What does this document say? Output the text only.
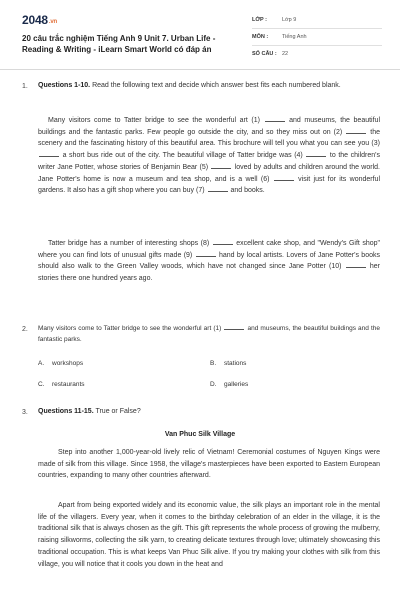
2048.vn
20 câu trắc nghiệm Tiếng Anh 9 Unit 7. Urban Life - Reading & Writing - iLearn Smart World có đáp án
LỚP :	Lớp 9
MÔN :	Tiếng Anh
SỐ CÂU : 22
1. Questions 1-10. Read the following text and decide which answer best fits each numbered blank.
Many visitors come to Tatter bridge to see the wonderful art (1)	and museums, the beautiful buildings and the fantastic parks. Few people go outside the city, and so they miss out on (2)	the scenery and the fascinating history of this beautiful area. This brochure will tell you what you can see you (3)  a short bus ride out of the city. The beautiful village of Tatter bridge was (4)	to the children's writer Jane Potter, whose stories of Benjamin Bear (5)	loved by adults and children around the world. Jane Potter's home is now a museum and tea shop, and is a well (6)	visit just for its wonderful gardens. It also has a gift shop where you can buy (7)	and books.
Tatter bridge has a number of interesting shops (8)	excellent cake shop, and "Wendy's Gift shop" where you can find lots of unusual gifts made (9)	hand by local artists. Lovers of Jane Potter's books should also walk to the Green Valley woods, which have not changed since Jane Potter (10)	her stories there one hundred years ago.
2. Many visitors come to Tatter bridge to see the wonderful art (1)	and museums, the beautiful buildings and the fantastic parks.
A. workshops	B. stations
C. restaurants	D. galleries
3. Questions 11-15. True or False?
Van Phuc Silk Village
Step into another 1,000-year-old lively relic of Vietnam! Ceremonial costumes of Nguyen Kings were made of silk from this village. Since 1958, the village's masterpieces have been exported to Eastern European countries, expanding to many other countries afterward.
Apart from being exported widely and its economic value, the silk plays an important role in the mental life of the villagers. Every year, when it comes to the birthday celebration of an elder in the village, it is the traditional silk that is always chosen as the gift. This gift represents the whole process of growing the mulberry, raising silkworms, collecting the silk yarn, to creating delicate textures through love; ultimately showcasing this traditional occupation. This is what keeps Van Phuc Silk alive. If you try making your clothes with silk from this village, you will notice that it cools you down in the heat and
